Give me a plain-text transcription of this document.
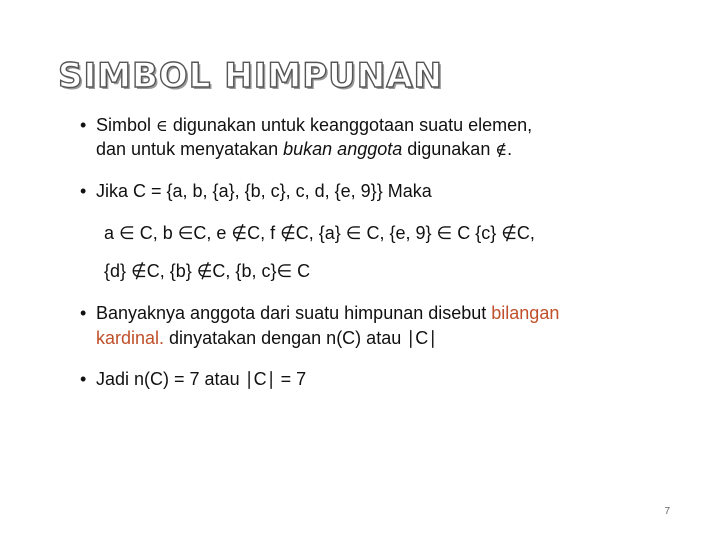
SIMBOL HIMPUNAN
• Simbol ∈ digunakan untuk keanggotaan suatu elemen,
dan untuk menyatakan bukan anggota digunakan ∉.
• Jika C = {a, b, {a}, {b, c}, c, d, {e, 9}} Maka
a ∈ C, b ∈C, e ∉C, f ∉C, {a} ∈ C, {e, 9} ∈ C {c} ∉C,
{d} ∉C, {b} ∉C, {b, c}∈ C
• Banyaknya anggota dari suatu himpunan disebut bilangan
kardinal. dinyatakan dengan n(C) atau ∣C∣
• Jadi n(C) = 7 atau ∣C∣ = 7
7
